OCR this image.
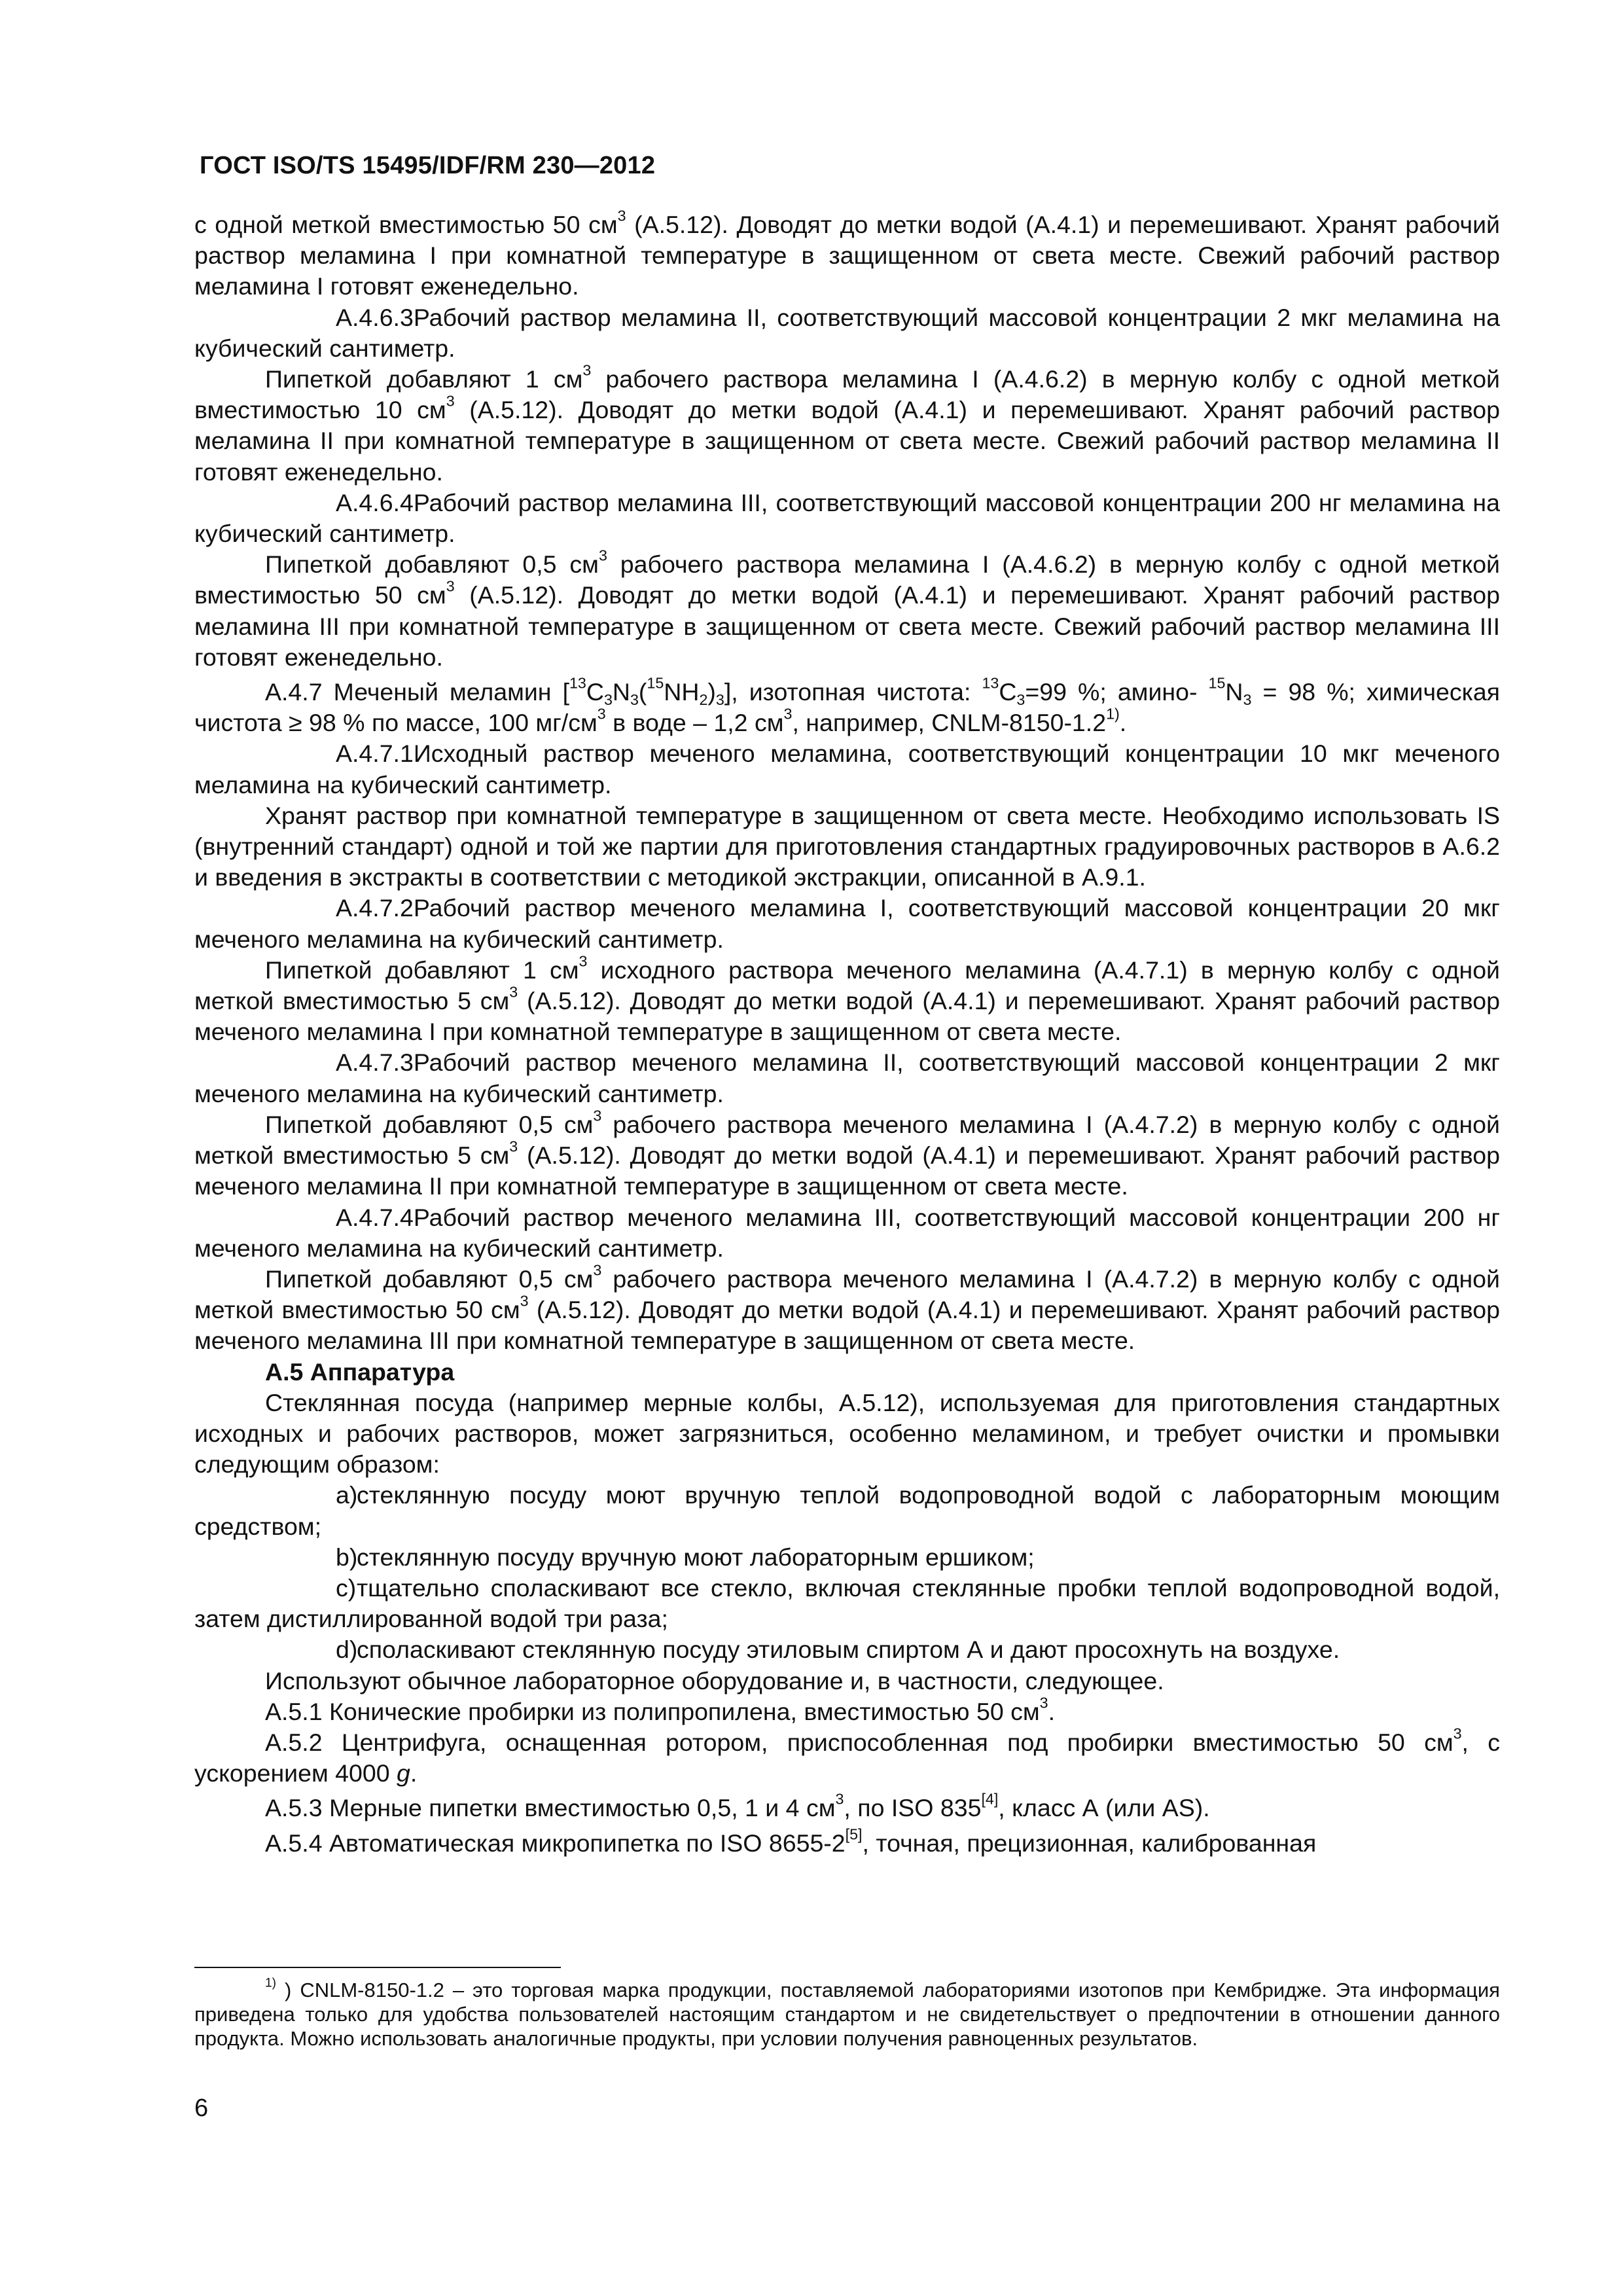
ГОСТ ISO/TS 15495/IDF/RM 230—2012

с одной меткой вместимостью 50 $см^3$ (А.5.12). Доводят до метки водой (А.4.1) и перемешивают. Хранят рабочий раствор меламина I при комнатной температуре в защищенном от света месте. Свежий рабочий раствор меламина I готовят еженедельно.

А.4.6.3Рабочий раствор меламина II, соответствующий массовой концентрации 2 мкг меламина на кубический сантиметр.

Пипеткой добавляют 1 $см^3$ рабочего раствора меламина I (А.4.6.2) в мерную колбу с одной меткой вместимостью 10 $см^3$ (А.5.12). Доводят до метки водой (А.4.1) и перемешивают. Хранят рабочий раствор меламина II при комнатной температуре в защищенном от света месте. Свежий рабочий раствор меламина II готовят еженедельно.

А.4.6.4Рабочий раствор меламина III, соответствующий массовой концентрации 200 нг меламина на кубический сантиметр.

Пипеткой добавляют 0,5 $см^3$ рабочего раствора меламина I (А.4.6.2) в мерную колбу с одной меткой вместимостью 50 $см^3$ (А.5.12). Доводят до метки водой (А.4.1) и перемешивают. Хранят рабочий раствор меламина III при комнатной температуре в защищенном от света месте. Свежий рабочий раствор меламина III готовят еженедельно.

А.4.7 Меченый меламин $[^{13}C_3N_3(^{15}NH_2)_3]$, изотопная чистота: $^{13}C_3=99$ %; амино- $^{15}N_3 = 98$ %; химическая чистота ≥ 98 % по массе, 100 $мг/см^3$ в воде – 1,2 $см^3$, например, CNLM-8150-1.2$^{1)}$.

А.4.7.1Исходный раствор меченого меламина, соответствующий концентрации 10 мкг меченого меламина на кубический сантиметр.

Хранят раствор при комнатной температуре в защищенном от света месте. Необходимо использовать IS (внутренний стандарт) одной и той же партии для приготовления стандартных градуировочных растворов в А.6.2 и введения в экстракты в соответствии с методикой экстракции, описанной в А.9.1.

А.4.7.2Рабочий раствор меченого меламина I, соответствующий массовой концентрации 20 мкг меченого меламина на кубический сантиметр.

Пипеткой добавляют 1 $см^3$ исходного раствора меченого меламина (А.4.7.1) в мерную колбу с одной меткой вместимостью 5 $см^3$ (А.5.12). Доводят до метки водой (А.4.1) и перемешивают. Хранят рабочий раствор меченого меламина I при комнатной температуре в защищенном от света месте.

А.4.7.3Рабочий раствор меченого меламина II, соответствующий массовой концентрации 2 мкг меченого меламина на кубический сантиметр.

Пипеткой добавляют 0,5 $см^3$ рабочего раствора меченого меламина I (А.4.7.2) в мерную колбу с одной меткой вместимостью 5 $см^3$ (А.5.12). Доводят до метки водой (А.4.1) и перемешивают. Хранят рабочий раствор меченого меламина II при комнатной температуре в защищенном от света месте.

А.4.7.4Рабочий раствор меченого меламина III, соответствующий массовой концентрации 200 нг меченого меламина на кубический сантиметр.

Пипеткой добавляют 0,5 $см^3$ рабочего раствора меченого меламина I (А.4.7.2) в мерную колбу с одной меткой вместимостью 50 $см^3$ (А.5.12). Доводят до метки водой (А.4.1) и перемешивают. Хранят рабочий раствор меченого меламина III при комнатной температуре в защищенном от света месте.

А.5 Аппаратура

Стеклянная посуда (например мерные колбы, А.5.12), используемая для приготовления стандартных исходных и рабочих растворов, может загрязниться, особенно меламином, и требует очистки и промывки следующим образом:

a)стеклянную посуду моют вручную теплой водопроводной водой с лабораторным моющим средством;

b)стеклянную посуду вручную моют лабораторным ершиком;

c)тщательно споласкивают все стекло, включая стеклянные пробки теплой водопроводной водой, затем дистиллированной водой три раза;

d)споласкивают стеклянную посуду этиловым спиртом А и дают просохнуть на воздухе.

Используют обычное лабораторное оборудование и, в частности, следующее.

А.5.1 Конические пробирки из полипропилена, вместимостью 50 $см^3$.

А.5.2 Центрифуга, оснащенная ротором, приспособленная под пробирки вместимостью 50 $см^3$, с ускорением 4000 g.

А.5.3 Мерные пипетки вместимостью 0,5, 1 и 4 $см^3$, по ISO 835[4], класс А (или AS).

А.5.4 Автоматическая микропипетка по ISO 8655-2[5], точная, прецизионная, калиброванная

$^{1)}$ ) CNLM-8150-1.2 – это торговая марка продукции, поставляемой лабораториями изотопов при Кембридже. Эта информация приведена только для удобства пользователей настоящим стандартом и не свидетельствует о предпочтении в отношении данного продукта. Можно использовать аналогичные продукты, при условии получения равноценных результатов.

6
